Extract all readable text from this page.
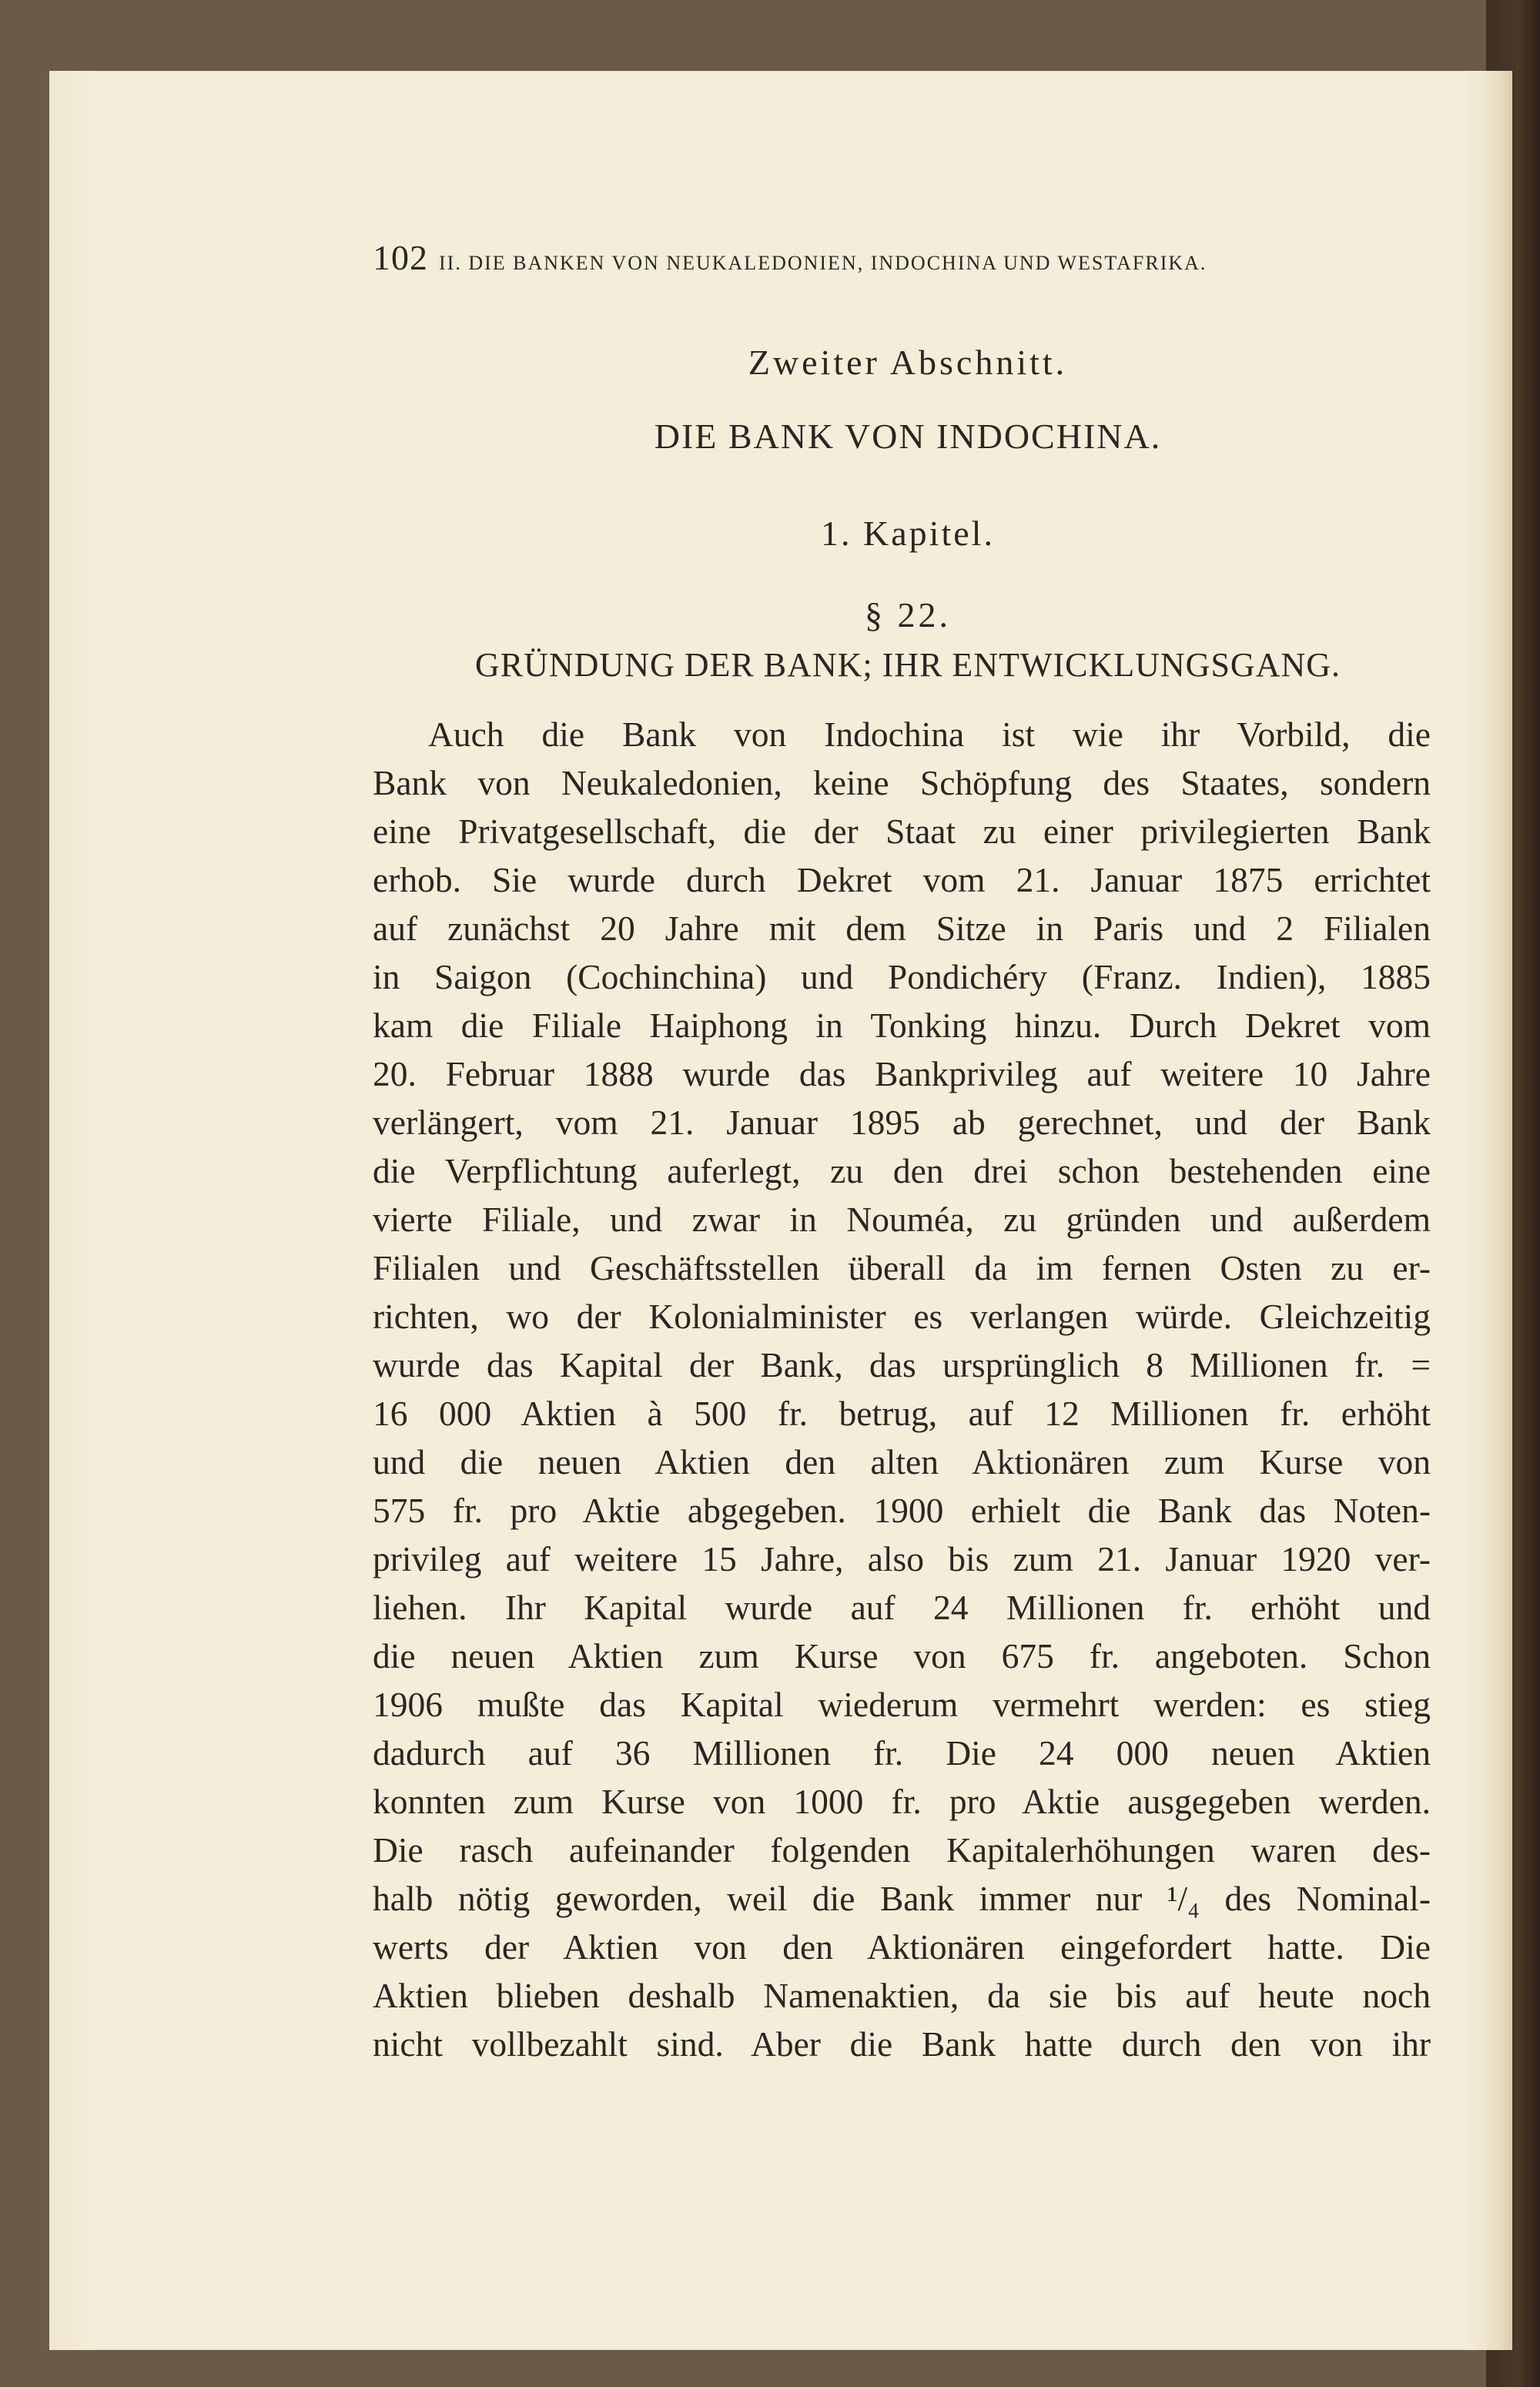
102 II. DIE BANKEN VON NEUKALEDONIEN, INDOCHINA UND WESTAFRIKA.
Zweiter Abschnitt.
DIE BANK VON INDOCHINA.
1. Kapitel.
§ 22.
GRÜNDUNG DER BANK; IHR ENTWICKLUNGSGANG.
Auch die Bank von Indochina ist wie ihr Vorbild, die
Bank von Neukaledonien, keine Schöpfung des Staates, sondern
eine Privatgesellschaft, die der Staat zu einer privilegierten Bank
erhob. Sie wurde durch Dekret vom 21. Januar 1875 errichtet
auf zunächst 20 Jahre mit dem Sitze in Paris und 2 Filialen
in Saigon (Cochinchina) und Pondichéry (Franz. Indien), 1885
kam die Filiale Haiphong in Tonking hinzu. Durch Dekret vom
20. Februar 1888 wurde das Bankprivileg auf weitere 10 Jahre
verlängert, vom 21. Januar 1895 ab gerechnet, und der Bank
die Verpflichtung auferlegt, zu den drei schon bestehenden eine
vierte Filiale, und zwar in Nouméa, zu gründen und außerdem
Filialen und Geschäftsstellen überall da im fernen Osten zu er-
richten, wo der Kolonialminister es verlangen würde. Gleichzeitig
wurde das Kapital der Bank, das ursprünglich 8 Millionen fr. =
16 000 Aktien à 500 fr. betrug, auf 12 Millionen fr. erhöht
und die neuen Aktien den alten Aktionären zum Kurse von
575 fr. pro Aktie abgegeben. 1900 erhielt die Bank das Noten-
privileg auf weitere 15 Jahre, also bis zum 21. Januar 1920 ver-
liehen. Ihr Kapital wurde auf 24 Millionen fr. erhöht und
die neuen Aktien zum Kurse von 675 fr. angeboten. Schon
1906 mußte das Kapital wiederum vermehrt werden: es stieg
dadurch auf 36 Millionen fr. Die 24 000 neuen Aktien
konnten zum Kurse von 1000 fr. pro Aktie ausgegeben werden.
Die rasch aufeinander folgenden Kapitalerhöhungen waren des-
halb nötig geworden, weil die Bank immer nur ¹/₄ des Nominal-
werts der Aktien von den Aktionären eingefordert hatte. Die
Aktien blieben deshalb Namenaktien, da sie bis auf heute noch
nicht vollbezahlt sind. Aber die Bank hatte durch den von ihr
